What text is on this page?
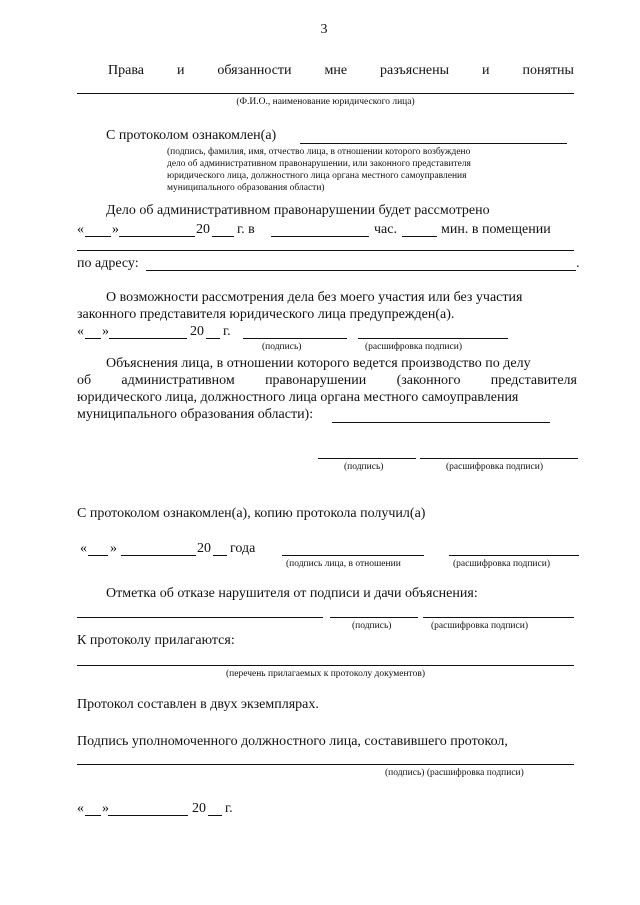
3
Права и обязанности мне разъяснены и понятны
(Ф.И.О., наименование юридического лица)
С протоколом ознакомлен(а)
(подпись, фамилия, имя, отчество лица, в отношении которого возбуждено
дело об административном правонарушении, или законного представителя
юридического лица, должностного лица органа местного самоуправления
муниципального образования области)
Дело об административном правонарушении будет рассмотрено
« »	20 г. в	час.	мин. в помещении
по адресу:	.
О возможности рассмотрения дела без моего участия или без участия
законного представителя юридического лица предупрежден(а).
« »	20 г.
(подпись)	(расшифровка подписи)
Объяснения лица, в отношении которого ведется производство по делу
об административном правонарушении (законного представителя
юридического лица, должностного лица органа местного самоуправления
муниципального образования области):
(подпись)	(расшифровка подписи)
С протоколом ознакомлен(а), копию протокола получил(а)
« »	20 года
(подпись лица, в отношении	(расшифровка подписи)
Отметка об отказе нарушителя от подписи и дачи объяснения:
(подпись)	(расшифровка подписи)
К протоколу прилагаются:
(перечень прилагаемых к протоколу документов)
Протокол составлен в двух экземплярах.
Подпись уполномоченного должностного лица, составившего протокол,
(подпись) (расшифровка подписи)
« »	20 г.
